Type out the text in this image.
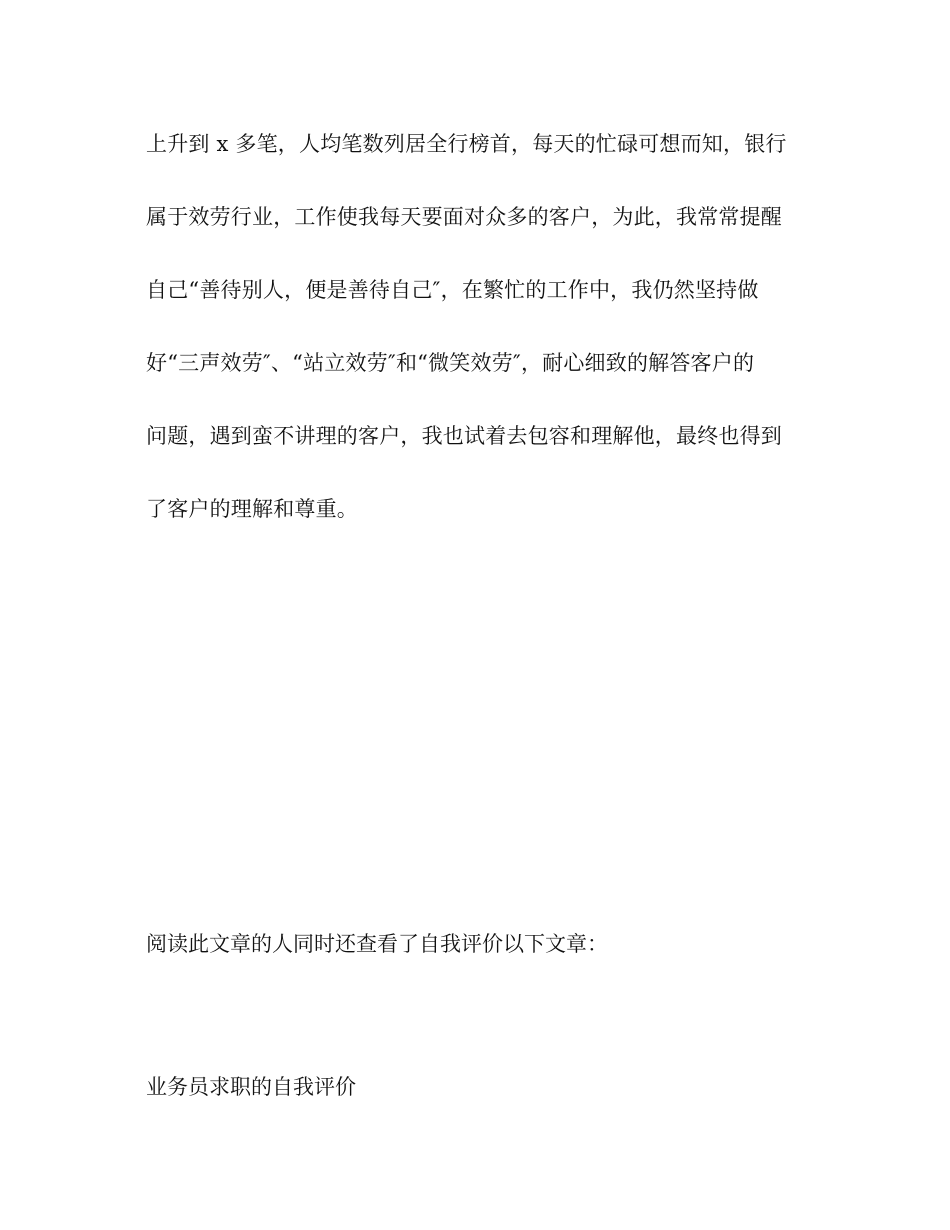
上升到 x 多笔，人均笔数列居全行榜首，每天的忙碌可想而知，银行
属于效劳行业，工作使我每天要面对众多的客户，为此，我常常提醒
自己“善待别人，便是善待自己″，在繁忙的工作中，我仍然坚持做
好“三声效劳″、“站立效劳″和“微笑效劳″，耐心细致的解答客户的
问题，遇到蛮不讲理的客户，我也试着去包容和理解他，最终也得到
了客户的理解和尊重。
阅读此文章的人同时还查看了自我评价以下文章：
业务员求职的自我评价
